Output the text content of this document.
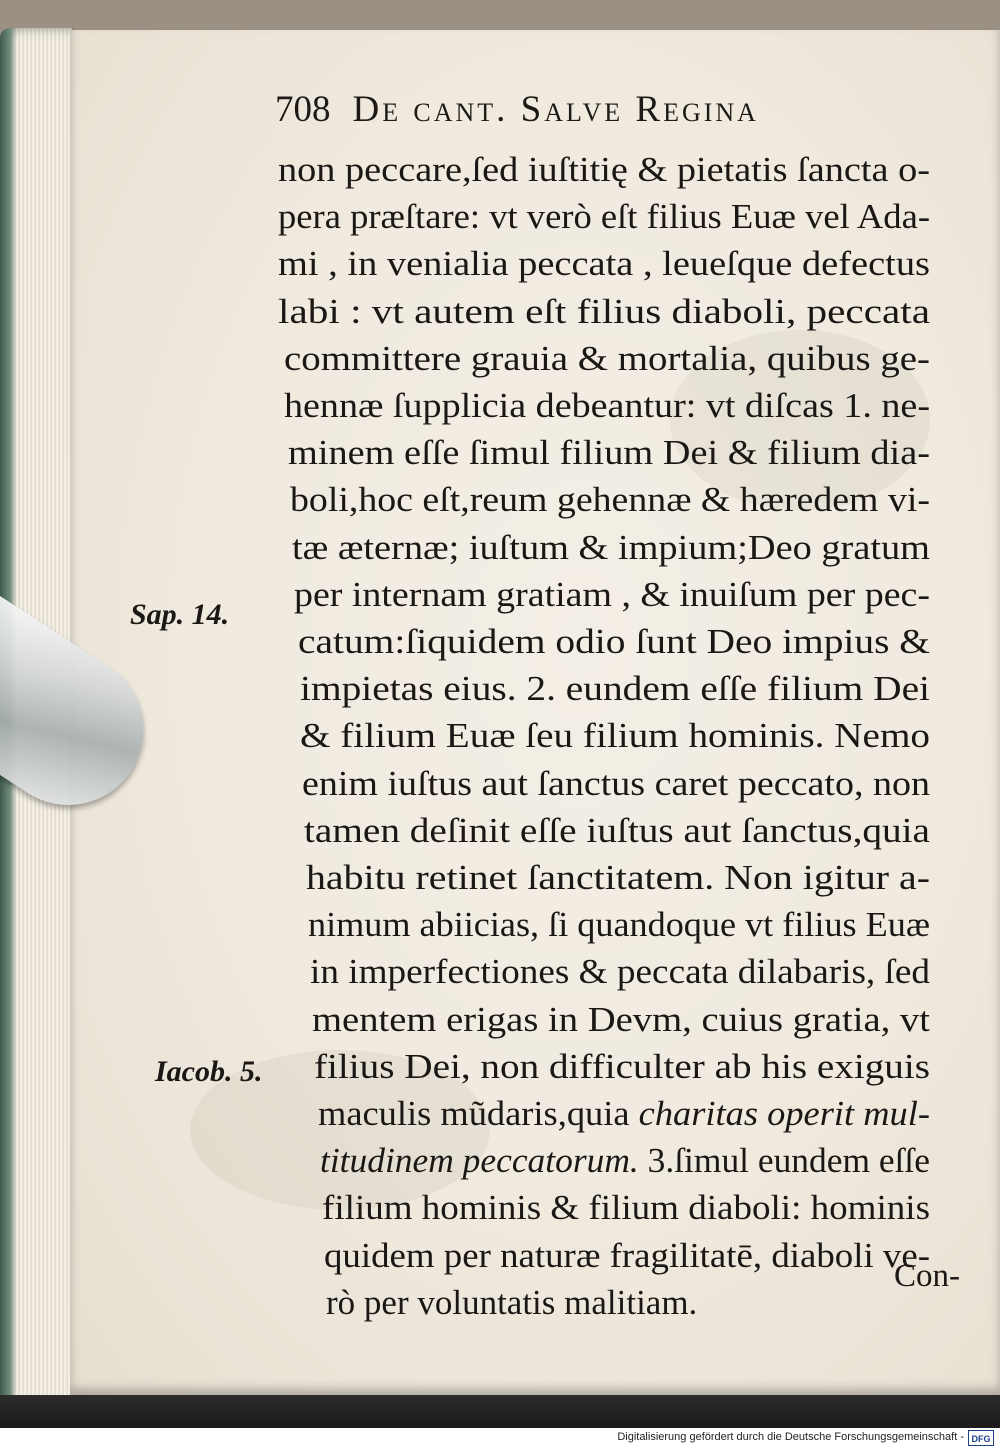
708 De cant. Salve Regina
non peccare,ſed iuſtitię & pietatis ſancta o-
pera præſtare: vt verò eſt filius Euæ vel Ada-
mi , in venialia peccata , leueſque defectus
labi : vt autem eſt filius diaboli, peccata
committere grauia & mortalia, quibus ge-
hennæ ſupplicia debeantur: vt diſcas 1. ne-
minem eſſe ſimul filium Dei & filium dia-
boli,hoc eſt,reum gehennæ & hæredem vi-
tæ æternæ; iuſtum & impium;Deo gratum
per internam gratiam , & inuiſum per pec-
catum:ſiquidem odio ſunt Deo impius &
impietas eius. 2. eundem eſſe filium Dei
& filium Euæ ſeu filium hominis. Nemo
enim iuſtus aut ſanctus caret peccato, non
tamen deſinit eſſe iuſtus aut ſanctus,quia
habitu retinet ſanctitatem. Non igitur a-
nimum abiicias, ſi quandoque vt filius Euæ
in imperfectiones & peccata dilabaris, ſed
mentem erigas in Devm, cuius gratia, vt
filius Dei, non difficulter ab his exiguis
maculis mũdaris,quia charitas operit mul-
titudinem peccatorum. 3.ſimul eundem eſſe
filium hominis & filium diaboli: hominis
quidem per naturæ fragilitatē, diaboli ve-
rò per voluntatis malitiam.
Sap. 14.
Iacob. 5.
Con-
Digitalisierung gefördert durch die Deutsche Forschungsgemeinschaft - DFG
